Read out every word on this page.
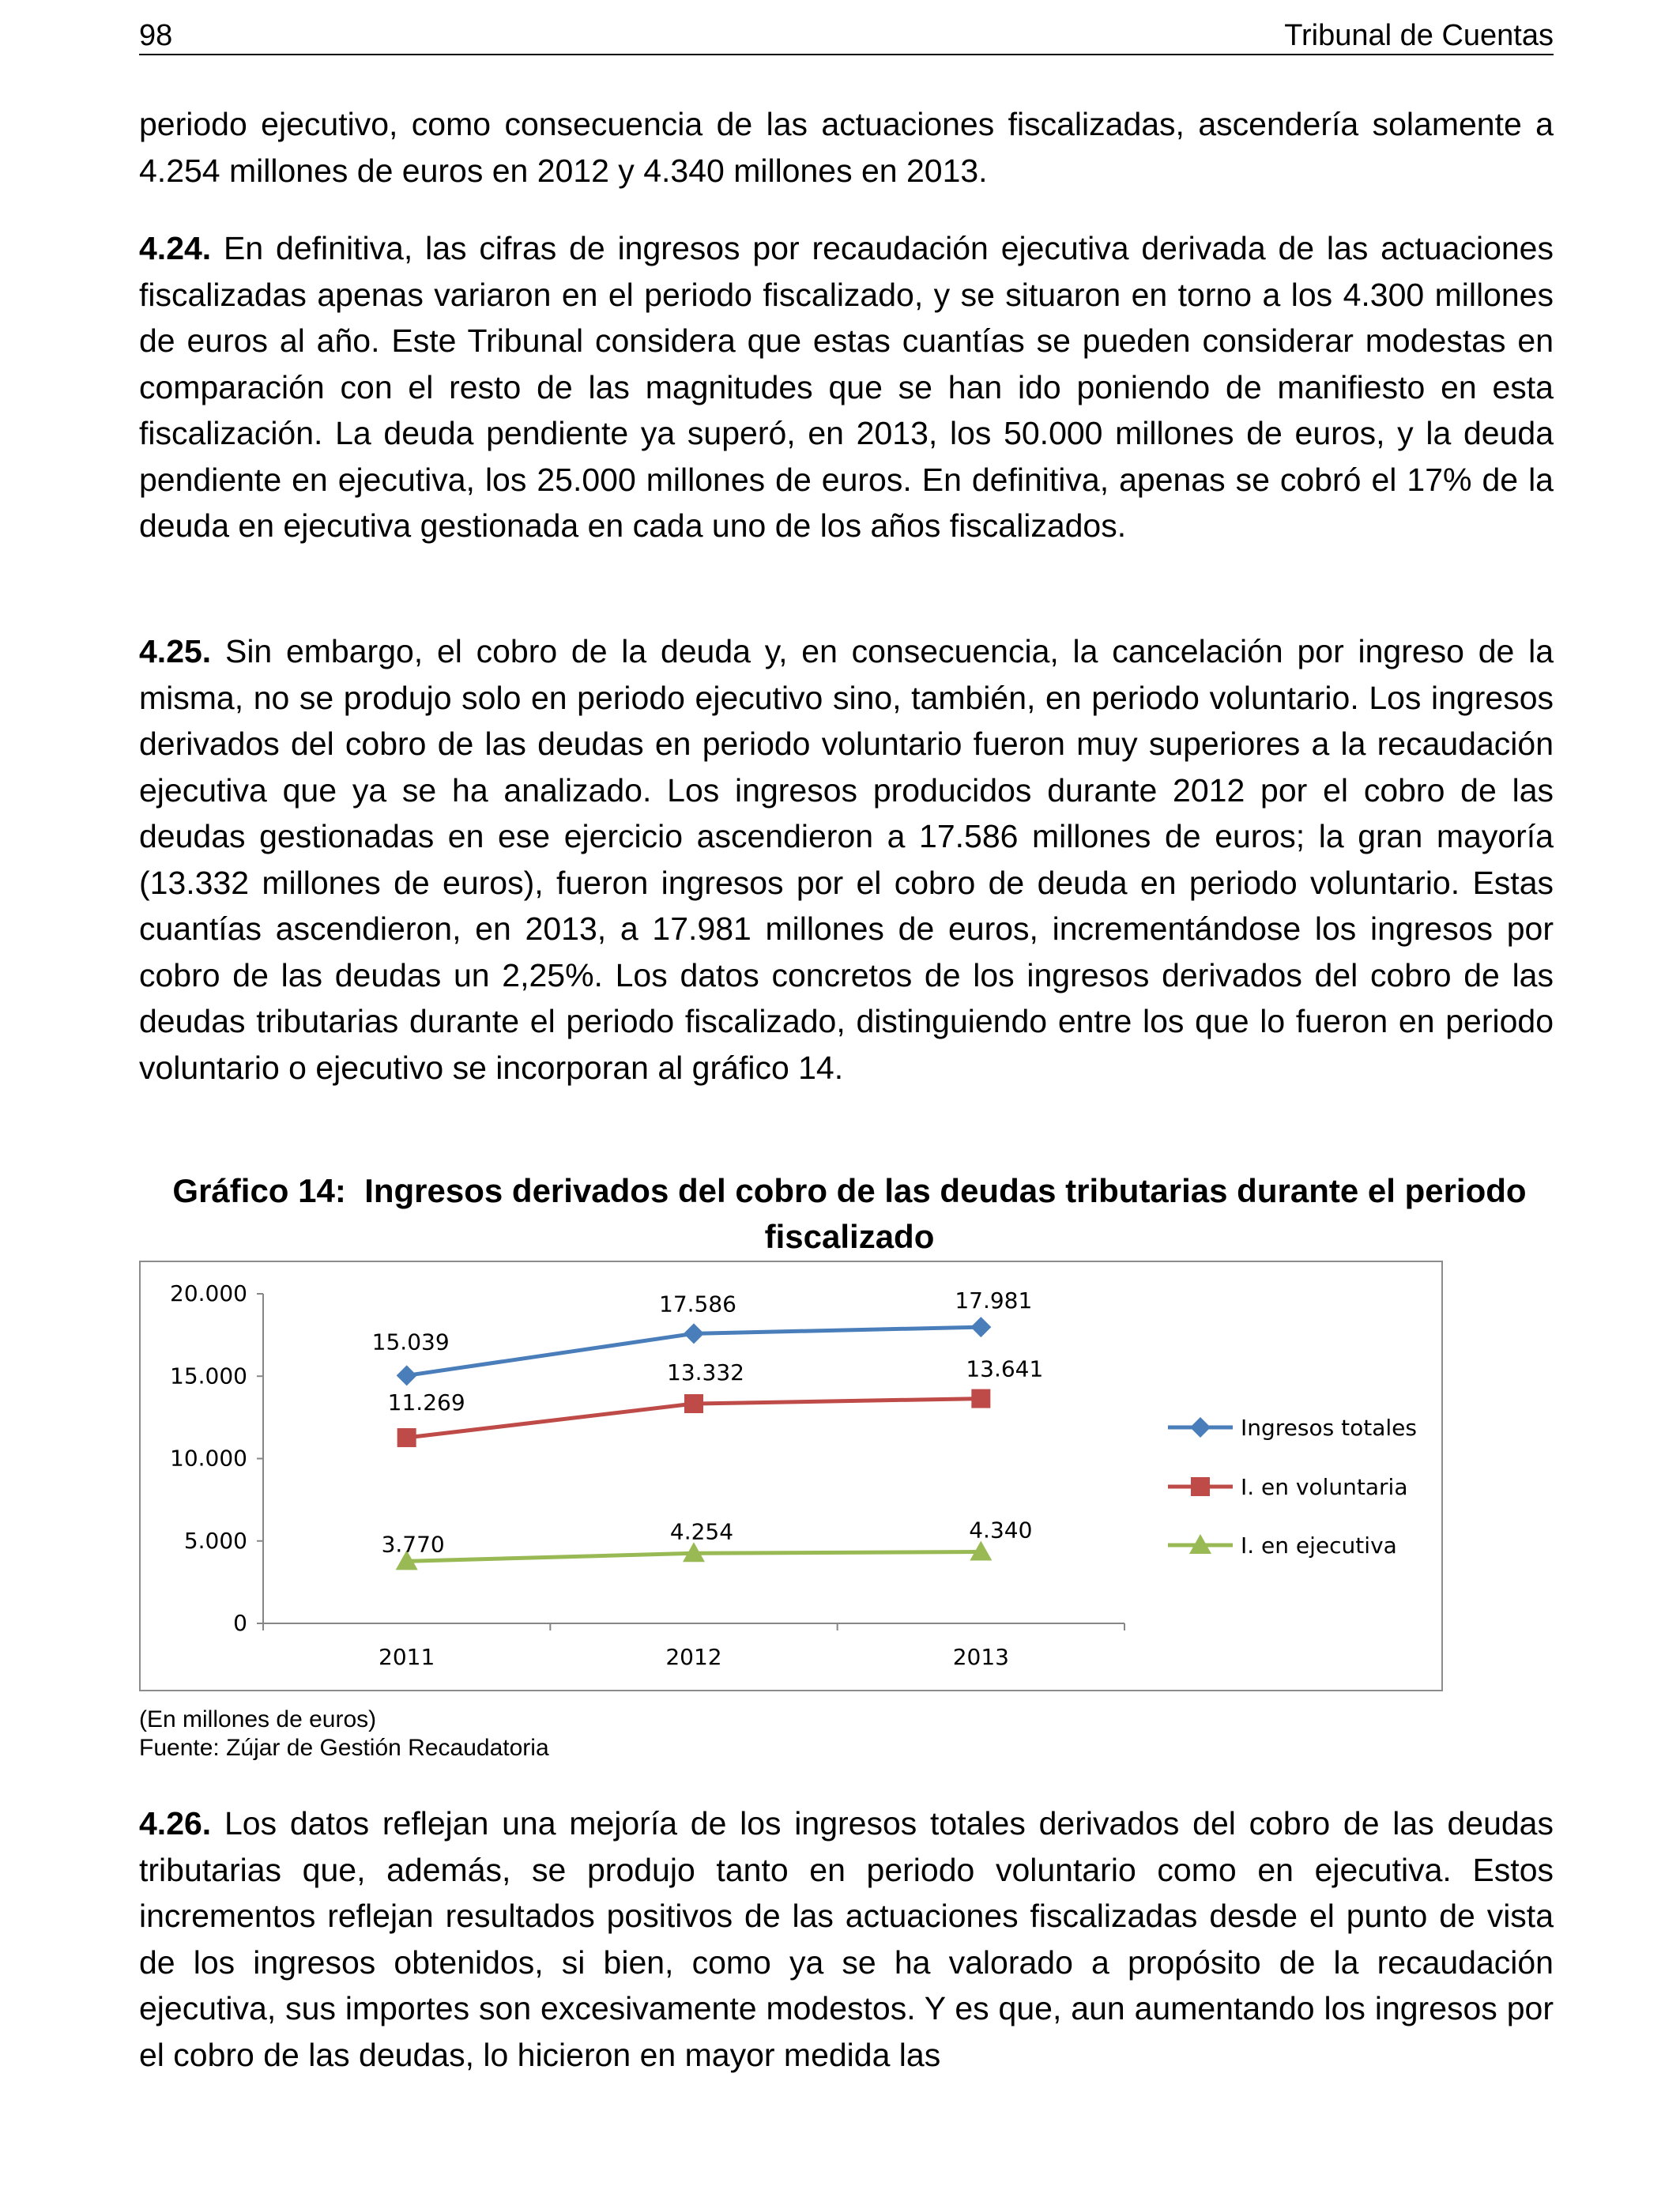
98	Tribunal de Cuentas

periodo ejecutivo, como consecuencia de las actuaciones fiscalizadas, ascendería solamente a 4.254 millones de euros en 2012 y 4.340 millones en 2013.

4.24. En definitiva, las cifras de ingresos por recaudación ejecutiva derivada de las actuaciones fiscalizadas apenas variaron en el periodo fiscalizado, y se situaron en torno a los 4.300 millones de euros al año. Este Tribunal considera que estas cuantías se pueden considerar modestas en comparación con el resto de las magnitudes que se han ido poniendo de manifiesto en esta fiscalización. La deuda pendiente ya superó, en 2013, los 50.000 millones de euros, y la deuda pendiente en ejecutiva, los 25.000 millones de euros. En definitiva, apenas se cobró el 17% de la deuda en ejecutiva gestionada en cada uno de los años fiscalizados.

4.25. Sin embargo, el cobro de la deuda y, en consecuencia, la cancelación por ingreso de la misma, no se produjo solo en periodo ejecutivo sino, también, en periodo voluntario. Los ingresos derivados del cobro de las deudas en periodo voluntario fueron muy superiores a la recaudación ejecutiva que ya se ha analizado. Los ingresos producidos durante 2012 por el cobro de las deudas gestionadas en ese ejercicio ascendieron a 17.586 millones de euros; la gran mayoría (13.332 millones de euros), fueron ingresos por el cobro de deuda en periodo voluntario. Estas cuantías ascendieron, en 2013, a 17.981 millones de euros, incrementándose los ingresos por cobro de las deudas un 2,25%. Los datos concretos de los ingresos derivados del cobro de las deudas tributarias durante el periodo fiscalizado, distinguiendo entre los que lo fueron en periodo voluntario o ejecutivo se incorporan al gráfico 14.

Gráfico 14: Ingresos derivados del cobro de las deudas tributarias durante el periodo fiscalizado

0
5.000
10.000
15.000
20.000
2011	2012	2013
15.039
17.586	17.981
11.269
13.332	13.641
3.770	4.254	4.340
Ingresos totales
I. en voluntaria
I. en ejecutiva
(En millones de euros)
Fuente: Zújar de Gestión Recaudatoria

4.26. Los datos reflejan una mejoría de los ingresos totales derivados del cobro de las deudas tributarias que, además, se produjo tanto en periodo voluntario como en ejecutiva. Estos incrementos reflejan resultados positivos de las actuaciones fiscalizadas desde el punto de vista de los ingresos obtenidos, si bien, como ya se ha valorado a propósito de la recaudación ejecutiva, sus importes son excesivamente modestos. Y es que, aun aumentando los ingresos por el cobro de las deudas, lo hicieron en mayor medida las
